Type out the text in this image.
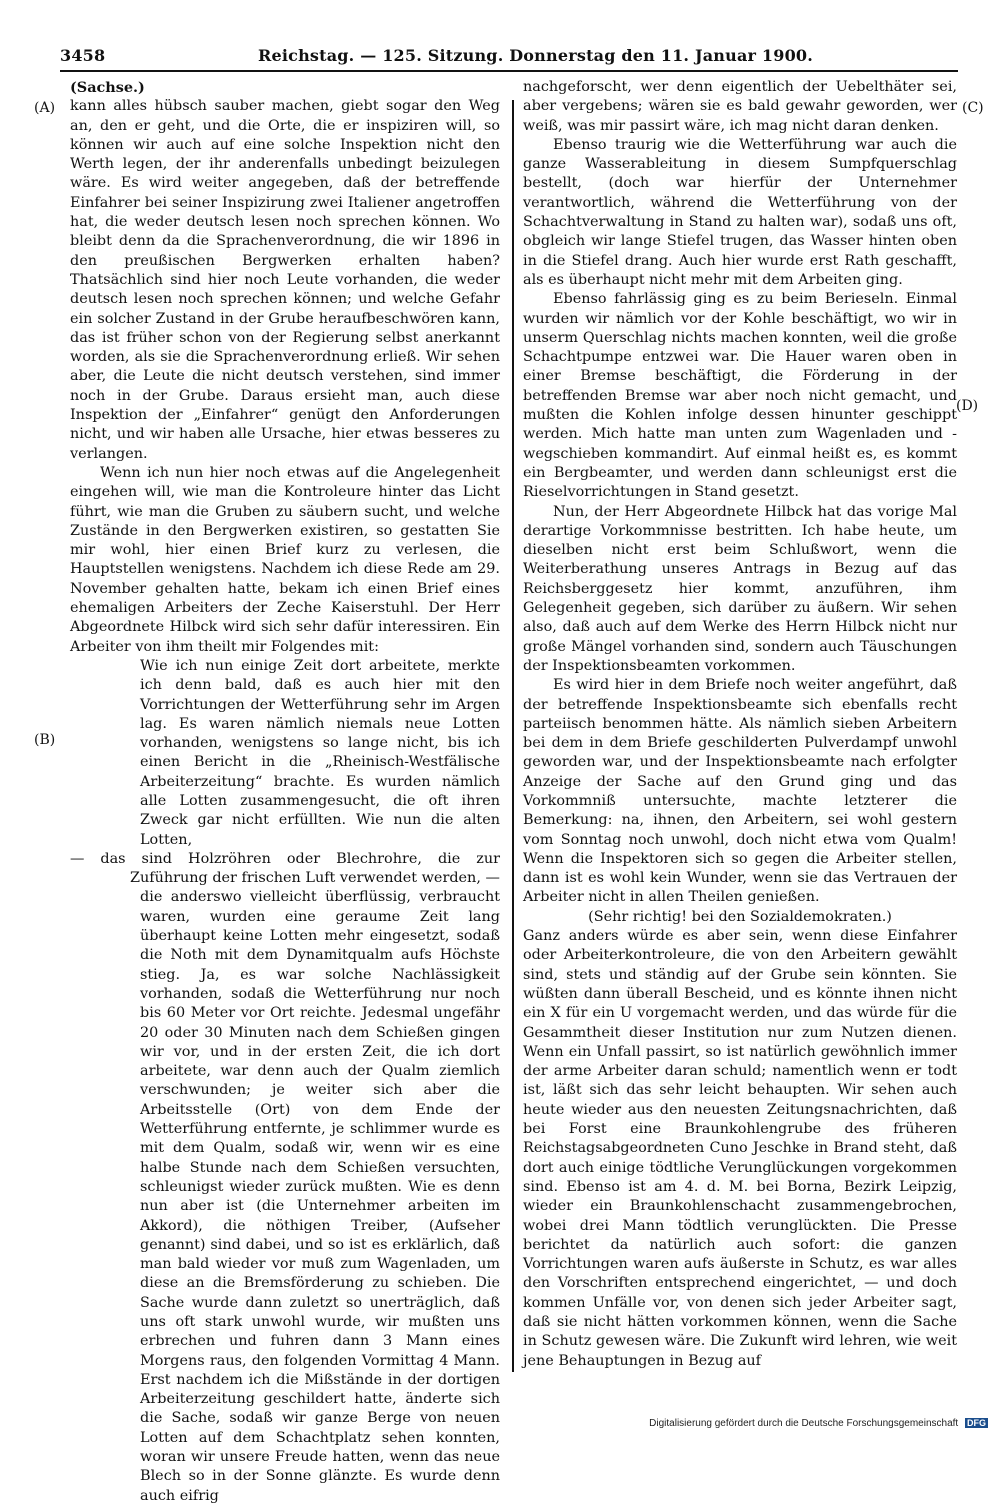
3458	Reichstag. — 125. Sitzung. Donnerstag den 11. Januar 1900.
(A)
(B)
(C)
(D)
(Sachse.)

kann alles hübsch sauber machen, giebt sogar den Weg an, den er geht, und die Orte, die er inspiziren will, so können wir auch auf eine solche Inspektion nicht den Werth legen, der ihr anderenfalls unbedingt beizulegen wäre. Es wird weiter angegeben, daß der betreffende Einfahrer bei seiner Inspizirung zwei Italiener angetroffen hat, die weder deutsch lesen noch sprechen können. Wo bleibt denn da die Sprachenverordnung, die wir 1896 in den preußischen Bergwerken erhalten haben? Thatsächlich sind hier noch Leute vorhanden, die weder deutsch lesen noch sprechen können; und welche Gefahr ein solcher Zustand in der Grube heraufbeschwören kann, das ist früher schon von der Regierung selbst anerkannt worden, als sie die Sprachenverordnung erließ. Wir sehen aber, die Leute die nicht deutsch verstehen, sind immer noch in der Grube. Daraus ersieht man, auch diese Inspektion der „Einfahrer“ genügt den Anforderungen nicht, und wir haben alle Ursache, hier etwas besseres zu verlangen.

Wenn ich nun hier noch etwas auf die Angelegenheit eingehen will, wie man die Kontroleure hinter das Licht führt, wie man die Gruben zu säubern sucht, und welche Zustände in den Bergwerken existiren, so gestatten Sie mir wohl, hier einen Brief kurz zu verlesen, die Hauptstellen wenigstens. Nachdem ich diese Rede am 29. November gehalten hatte, bekam ich einen Brief eines ehemaligen Arbeiters der Zeche Kaiserstuhl. Der Herr Abgeordnete Hilbck wird sich sehr dafür interessiren. Ein Arbeiter von ihm theilt mir Folgendes mit:

Wie ich nun einige Zeit dort arbeitete, merkte ich denn bald, daß es auch hier mit den Vorrichtungen der Wetterführung sehr im Argen lag. Es waren nämlich niemals neue Lotten vorhanden, wenigstens so lange nicht, bis ich einen Bericht in die „Rheinisch-Westfälische Arbeiterzeitung“ brachte. Es wurden nämlich alle Lotten zusammengesucht, die oft ihren Zweck gar nicht erfüllten. Wie nun die alten Lotten,

— das sind Holzröhren oder Blechrohre, die zur Zuführung der frischen Luft verwendet werden, —

die anderswo vielleicht überflüssig, verbraucht waren, wurden eine geraume Zeit lang überhaupt keine Lotten mehr eingesetzt, sodaß die Noth mit dem Dynamitqualm aufs Höchste stieg. Ja, es war solche Nachlässigkeit vorhanden, sodaß die Wetterführung nur noch bis 60 Meter vor Ort reichte. Jedesmal ungefähr 20 oder 30 Minuten nach dem Schießen gingen wir vor, und in der ersten Zeit, die ich dort arbeitete, war denn auch der Qualm ziemlich verschwunden; je weiter sich aber die Arbeitsstelle (Ort) von dem Ende der Wetterführung entfernte, je schlimmer wurde es mit dem Qualm, sodaß wir, wenn wir es eine halbe Stunde nach dem Schießen versuchten, schleunigst wieder zurück mußten. Wie es denn nun aber ist (die Unternehmer arbeiten im Akkord), die nöthigen Treiber, (Aufseher genannt) sind dabei, und so ist es erklärlich, daß man bald wieder vor muß zum Wagenladen, um diese an die Bremsförderung zu schieben. Die Sache wurde dann zuletzt so unerträglich, daß uns oft stark unwohl wurde, wir mußten uns erbrechen und fuhren dann 3 Mann eines Morgens raus, den folgenden Vormittag 4 Mann. Erst nachdem ich die Mißstände in der dortigen Arbeiterzeitung geschildert hatte, änderte sich die Sache, sodaß wir ganze Berge von neuen Lotten auf dem Schachtplatz sehen konnten, woran wir unsere Freude hatten, wenn das neue Blech so in der Sonne glänzte. Es wurde denn auch eifrig

nachgeforscht, wer denn eigentlich der Uebelthäter sei, aber vergebens; wären sie es bald gewahr geworden, wer weiß, was mir passirt wäre, ich mag nicht daran denken.

Ebenso traurig wie die Wetterführung war auch die ganze Wasserableitung in diesem Sumpfquerschlag bestellt, (doch war hierfür der Unternehmer verantwortlich, während die Wetterführung von der Schachtverwaltung in Stand zu halten war), sodaß uns oft, obgleich wir lange Stiefel trugen, das Wasser hinten oben in die Stiefel drang. Auch hier wurde erst Rath geschafft, als es überhaupt nicht mehr mit dem Arbeiten ging.

Ebenso fahrlässig ging es zu beim Berieseln. Einmal wurden wir nämlich vor der Kohle beschäftigt, wo wir in unserm Querschlag nichts machen konnten, weil die große Schachtpumpe entzwei war. Die Hauer waren oben in einer Bremse beschäftigt, die Förderung in der betreffenden Bremse war aber noch nicht gemacht, und mußten die Kohlen infolge dessen hinunter geschippt werden. Mich hatte man unten zum Wagenladen und -wegschieben kommandirt. Auf einmal heißt es, es kommt ein Bergbeamter, und werden dann schleunigst erst die Rieselvorrichtungen in Stand gesetzt.

Nun, der Herr Abgeordnete Hilbck hat das vorige Mal derartige Vorkommnisse bestritten. Ich habe heute, um dieselben nicht erst beim Schlußwort, wenn die Weiterberathung unseres Antrags in Bezug auf das Reichsberggesetz hier kommt, anzuführen, ihm Gelegenheit gegeben, sich darüber zu äußern. Wir sehen also, daß auch auf dem Werke des Herrn Hilbck nicht nur große Mängel vorhanden sind, sondern auch Täuschungen der Inspektionsbeamten vorkommen.

Es wird hier in dem Briefe noch weiter angeführt, daß der betreffende Inspektionsbeamte sich ebenfalls recht parteiisch benommen hätte. Als nämlich sieben Arbeitern bei dem in dem Briefe geschilderten Pulverdampf unwohl geworden war, und der Inspektionsbeamte nach erfolgter Anzeige der Sache auf den Grund ging und das Vorkommniß untersuchte, machte letzterer die Bemerkung: na, ihnen, den Arbeitern, sei wohl gestern vom Sonntag noch unwohl, doch nicht etwa vom Qualm! Wenn die Inspektoren sich so gegen die Arbeiter stellen, dann ist es wohl kein Wunder, wenn sie das Vertrauen der Arbeiter nicht in allen Theilen genießen.

(Sehr richtig! bei den Sozialdemokraten.)

Ganz anders würde es aber sein, wenn diese Einfahrer oder Arbeiterkontroleure, die von den Arbeitern gewählt sind, stets und ständig auf der Grube sein könnten. Sie wüßten dann überall Bescheid, und es könnte ihnen nicht ein X für ein U vorgemacht werden, und das würde für die Gesammtheit dieser Institution nur zum Nutzen dienen. Wenn ein Unfall passirt, so ist natürlich gewöhnlich immer der arme Arbeiter daran schuld; namentlich wenn er todt ist, läßt sich das sehr leicht behaupten. Wir sehen auch heute wieder aus den neuesten Zeitungsnachrichten, daß bei Forst eine Braunkohlengrube des früheren Reichstagsabgeordneten Cuno Jeschke in Brand steht, daß dort auch einige tödtliche Verunglückungen vorgekommen sind. Ebenso ist am 4. d. M. bei Borna, Bezirk Leipzig, wieder ein Braunkohlenschacht zusammengebrochen, wobei drei Mann tödtlich verunglückten. Die Presse berichtet da natürlich auch sofort: die ganzen Vorrichtungen waren aufs äußerste in Schutz, es war alles den Vorschriften entsprechend eingerichtet, — und doch kommen Unfälle vor, von denen sich jeder Arbeiter sagt, daß sie nicht hätten vorkommen können, wenn die Sache in Schutz gewesen wäre. Die Zukunft wird lehren, wie weit jene Behauptungen in Bezug auf

Digitalisierung gefördert durch die Deutsche Forschungsgemeinschaft DFG
